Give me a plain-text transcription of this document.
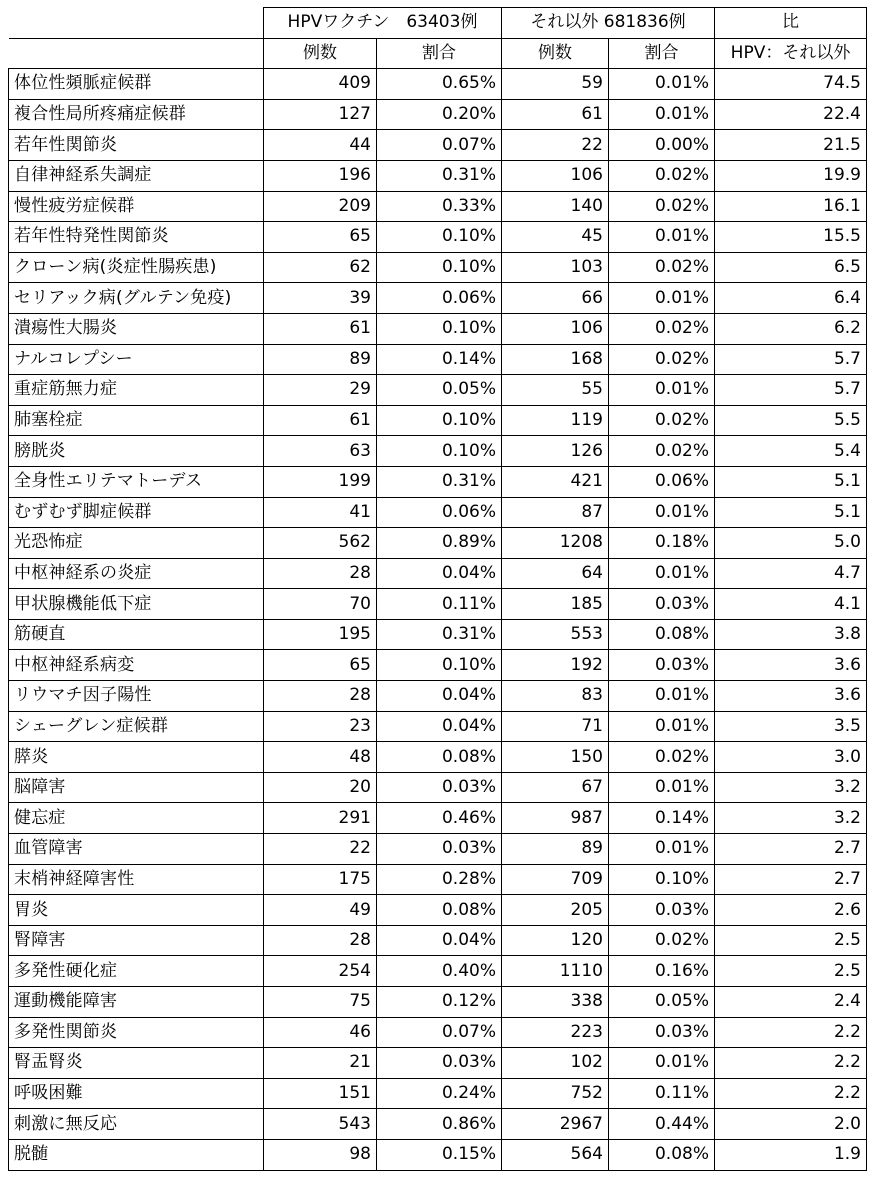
	HPVワクチン　63403例		それ以外 681836例		比
	例数	割合	例数	割合	HPV：それ以外
体位性頻脈症候群	409	0.65%	59	0.01%	74.5
複合性局所疼痛症候群	127	0.20%	61	0.01%	22.4
若年性関節炎	44	0.07%	22	0.00%	21.5
自律神経系失調症	196	0.31%	106	0.02%	19.9
慢性疲労症候群	209	0.33%	140	0.02%	16.1
若年性特発性関節炎	65	0.10%	45	0.01%	15.5
クローン病(炎症性腸疾患)	62	0.10%	103	0.02%	6.5
セリアック病(グルテン免疫)	39	0.06%	66	0.01%	6.4
潰瘍性大腸炎	61	0.10%	106	0.02%	6.2
ナルコレプシー	89	0.14%	168	0.02%	5.7
重症筋無力症	29	0.05%	55	0.01%	5.7
肺塞栓症	61	0.10%	119	0.02%	5.5
膀胱炎	63	0.10%	126	0.02%	5.4
全身性エリテマトーデス	199	0.31%	421	0.06%	5.1
むずむず脚症候群	41	0.06%	87	0.01%	5.1
光恐怖症	562	0.89%	1208	0.18%	5.0
中枢神経系の炎症	28	0.04%	64	0.01%	4.7
甲状腺機能低下症	70	0.11%	185	0.03%	4.1
筋硬直	195	0.31%	553	0.08%	3.8
中枢神経系病変	65	0.10%	192	0.03%	3.6
リウマチ因子陽性	28	0.04%	83	0.01%	3.6
シェーグレン症候群	23	0.04%	71	0.01%	3.5
膵炎	48	0.08%	150	0.02%	3.0
脳障害	20	0.03%	67	0.01%	3.2
健忘症	291	0.46%	987	0.14%	3.2
血管障害	22	0.03%	89	0.01%	2.7
末梢神経障害性	175	0.28%	709	0.10%	2.7
胃炎	49	0.08%	205	0.03%	2.6
腎障害	28	0.04%	120	0.02%	2.5
多発性硬化症	254	0.40%	1110	0.16%	2.5
運動機能障害	75	0.12%	338	0.05%	2.4
多発性関節炎	46	0.07%	223	0.03%	2.2
腎盂腎炎	21	0.03%	102	0.01%	2.2
呼吸困難	151	0.24%	752	0.11%	2.2
刺激に無反応	543	0.86%	2967	0.44%	2.0
脱髄	98	0.15%	564	0.08%	1.9
